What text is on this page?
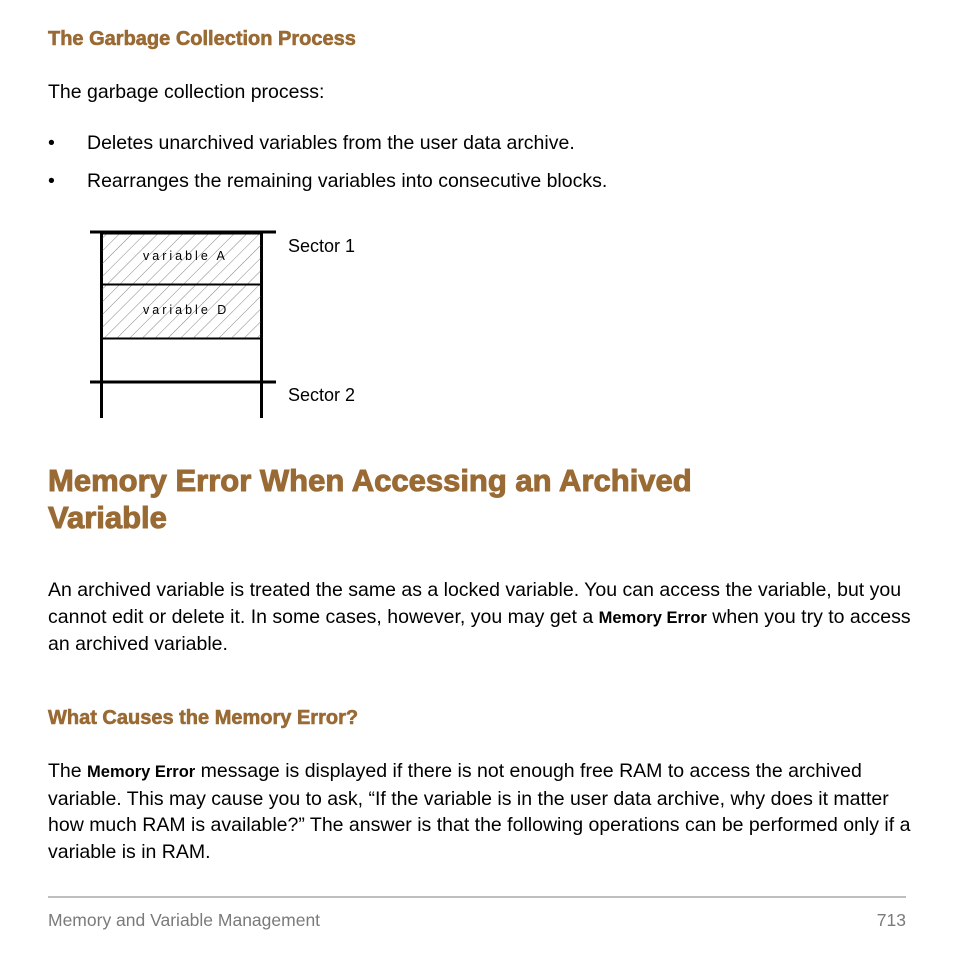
The Garbage Collection Process
The garbage collection process:
• Deletes unarchived variables from the user data archive.
• Rearranges the remaining variables into consecutive blocks.
variable A
variable D
Sector 1
Sector 2
Memory Error When Accessing an Archived
Variable
An archived variable is treated the same as a locked variable. You can access the variable, but you cannot edit or delete it. In some cases, however, you may get a Memory Error when you try to access an archived variable.
What Causes the Memory Error?
The Memory Error message is displayed if there is not enough free RAM to access the archived variable. This may cause you to ask, “If the variable is in the user data archive, why does it matter how much RAM is available?” The answer is that the following operations can be performed only if a variable is in RAM.
Memory and Variable Management	713
